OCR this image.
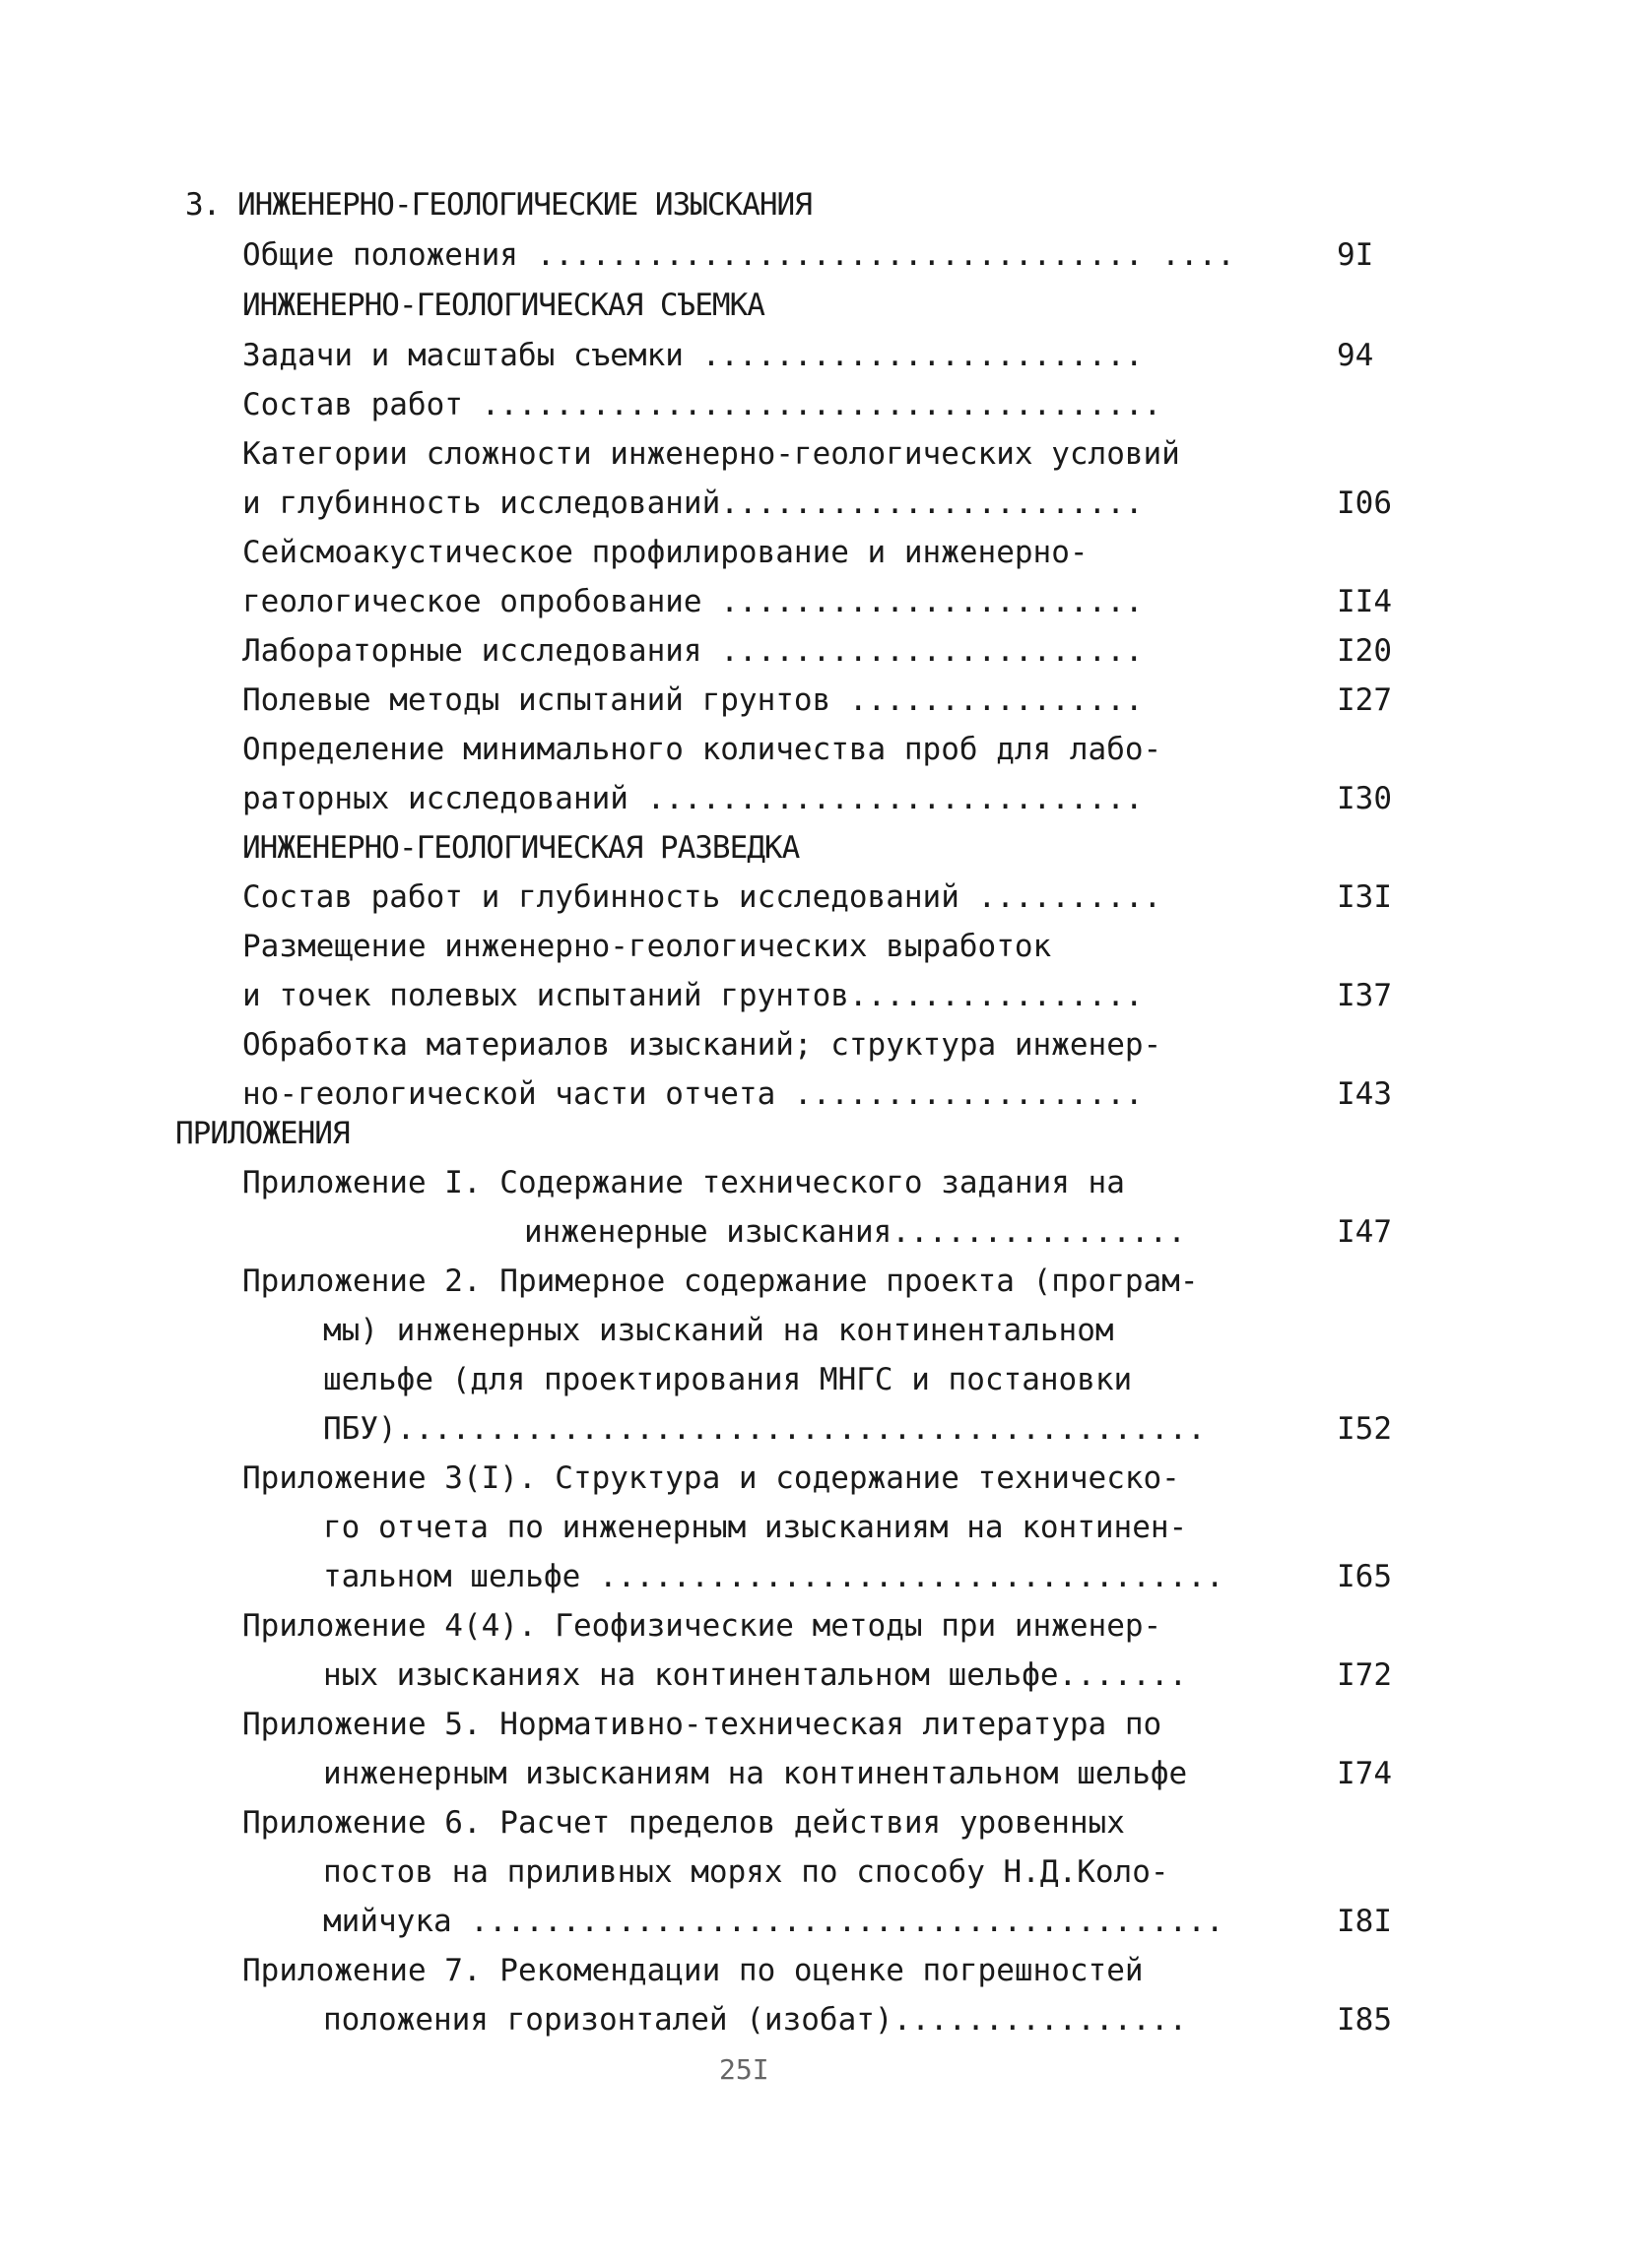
3. ИНЖЕНЕРНО-ГЕОЛОГИЧЕСКИЕ ИЗЫСКАНИЯ
Общие положения ................................. ....	9I
ИНЖЕНЕРНО-ГЕОЛОГИЧЕСКАЯ СЪЕМКА
Задачи и масштабы съемки ........................	94
Состав работ .....................................
Категории сложности инженерно-геологических условий
и глубинность исследований.......................	I06
Сейсмоакустическое профилирование и инженерно-
геологическое опробование .......................	II4
Лабораторные исследования .......................	I20
Полевые методы испытаний грунтов ................	I27
Определение минимального количества проб для лабо-
раторных исследований ...........................	I30
ИНЖЕНЕРНО-ГЕОЛОГИЧЕСКАЯ РАЗВЕДКА
Состав работ и глубинность исследований ..........	I3I
Размещение инженерно-геологических выработок
и точек полевых испытаний грунтов................	I37
Обработка материалов изысканий; структура инженер-
но-геологической части отчета ...................	I43
ПРИЛОЖЕНИЯ
Приложение I. Содержание технического задания на
инженерные изыскания................	I47
Приложение 2. Примерное содержание проекта (програм-
мы) инженерных изысканий на континентальном
шельфе (для проектирования МНГС и постановки
ПБУ)............................................	I52
Приложение 3(I). Структура и содержание техническо-
го отчета по инженерным изысканиям на континен-
тальном шельфе ..................................	I65
Приложение 4(4). Геофизические методы при инженер-
ных изысканиях на континентальном шельфе.......	I72
Приложение 5. Нормативно-техническая литература по
инженерным изысканиям на континентальном шельфе	I74
Приложение 6. Расчет пределов действия уровенных
постов на приливных морях по способу Н.Д.Коло-
мийчука .........................................	I8I
Приложение 7. Рекомендации по оценке погрешностей
положения горизонталей (изобат)................	I85
25I
